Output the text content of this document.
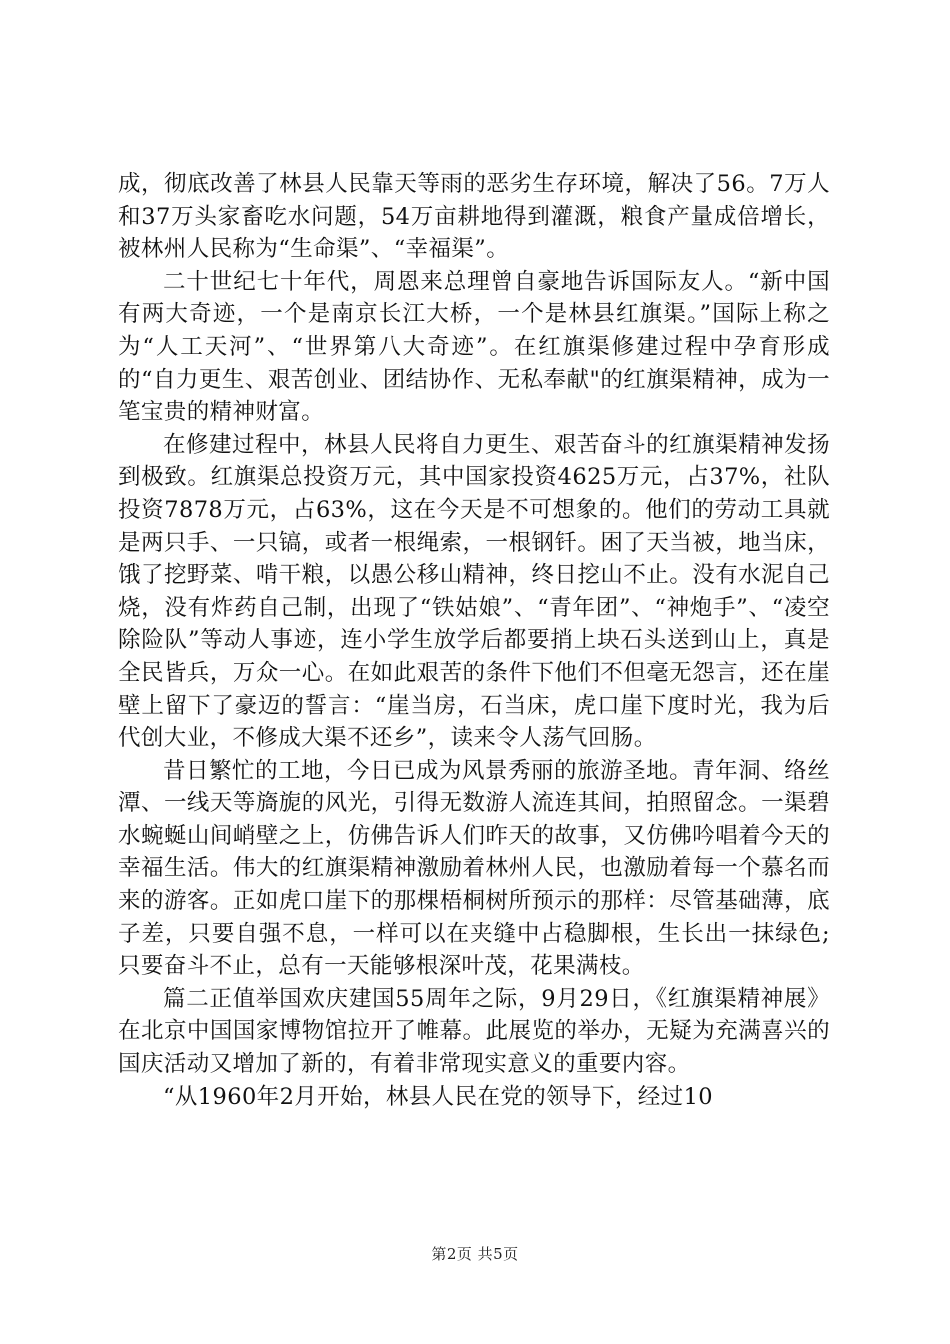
成，彻底改善了林县人民靠天等雨的恶劣生存环境，解决了56。7万人和37万头家畜吃水问题，54万亩耕地得到灌溉，粮食产量成倍增长，被林州人民称为“生命渠”、“幸福渠”。

二十世纪七十年代，周恩来总理曾自豪地告诉国际友人。“新中国有两大奇迹，一个是南京长江大桥，一个是林县红旗渠。”国际上称之为“人工天河”、“世界第八大奇迹”。在红旗渠修建过程中孕育形成的“自力更生、艰苦创业、团结协作、无私奉献"的红旗渠精神，成为一笔宝贵的精神财富。

在修建过程中，林县人民将自力更生、艰苦奋斗的红旗渠精神发扬到极致。红旗渠总投资万元，其中国家投资4625万元，占37%，社队投资7878万元，占63%，这在今天是不可想象的。他们的劳动工具就是两只手、一只镐，或者一根绳索，一根钢钎。困了天当被，地当床，饿了挖野菜、啃干粮，以愚公移山精神，终日挖山不止。没有水泥自己烧，没有炸药自己制，出现了“铁姑娘”、“青年团”、“神炮手”、“凌空除险队”等动人事迹，连小学生放学后都要捎上块石头送到山上，真是全民皆兵，万众一心。在如此艰苦的条件下他们不但毫无怨言，还在崖壁上留下了豪迈的誓言：“崖当房，石当床，虎口崖下度时光，我为后代创大业，不修成大渠不还乡”，读来令人荡气回肠。

昔日繁忙的工地，今日已成为风景秀丽的旅游圣地。青年洞、络丝潭、一线天等旖旎的风光，引得无数游人流连其间，拍照留念。一渠碧水蜿蜒山间峭壁之上，仿佛告诉人们昨天的故事，又仿佛吟唱着今天的幸福生活。伟大的红旗渠精神激励着林州人民，也激励着每一个慕名而来的游客。正如虎口崖下的那棵梧桐树所预示的那样：尽管基础薄，底子差，只要自强不息，一样可以在夹缝中占稳脚根，生长出一抹绿色;只要奋斗不止，总有一天能够根深叶茂，花果满枝。

篇二正值举国欢庆建国55周年之际，9月29日，《红旗渠精神展》在北京中国国家博物馆拉开了帷幕。此展览的举办，无疑为充满喜兴的国庆活动又增加了新的，有着非常现实意义的重要内容。

“从1960年2月开始，林县人民在党的领导下，经过10

第2页 共5页
